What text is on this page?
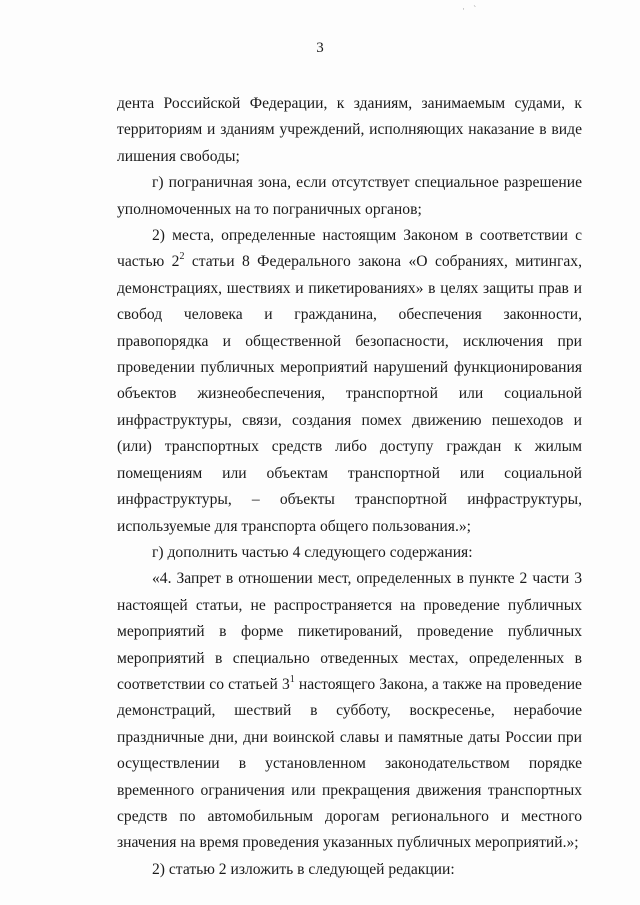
· `
3

дента Российской Федерации, к зданиям, занимаемым судами, к территориям и зданиям учреждений, исполняющих наказание в виде лишения свободы;

г) пограничная зона, если отсутствует специальное разрешение уполномоченных на то пограничных органов;

2) места, определенные настоящим Законом в соответствии с частью $2^2$ статьи 8 Федерального закона «О собраниях, митингах, демонстрациях, шествиях и пикетированиях» в целях защиты прав и свобод человека и гражданина, обеспечения законности, правопорядка и общественной безопасности, исключения при проведении публичных мероприятий нарушений функционирования объектов жизнеобеспечения, транспортной или социальной инфраструктуры, связи, создания помех движению пешеходов и (или) транспортных средств либо доступу граждан к жилым помещениям или объектам транспортной или социальной инфраструктуры, – объекты транспортной инфраструктуры, используемые для транспорта общего пользования.»;

г) дополнить частью 4 следующего содержания:

«4. Запрет в отношении мест, определенных в пункте 2 части 3 настоящей статьи, не распространяется на проведение публичных мероприятий в форме пикетирований, проведение публичных мероприятий в специально отведенных местах, определенных в соответствии со статьей $3^1$ настоящего Закона, а также на проведение демонстраций, шествий в субботу, воскресенье, нерабочие праздничные дни, дни воинской славы и памятные даты России при осуществлении в установленном законодательством порядке временного ограничения или прекращения движения транспортных средств по автомобильным дорогам регионального и местного значения на время проведения указанных публичных мероприятий.»;

2) статью 2 изложить в следующей редакции:
